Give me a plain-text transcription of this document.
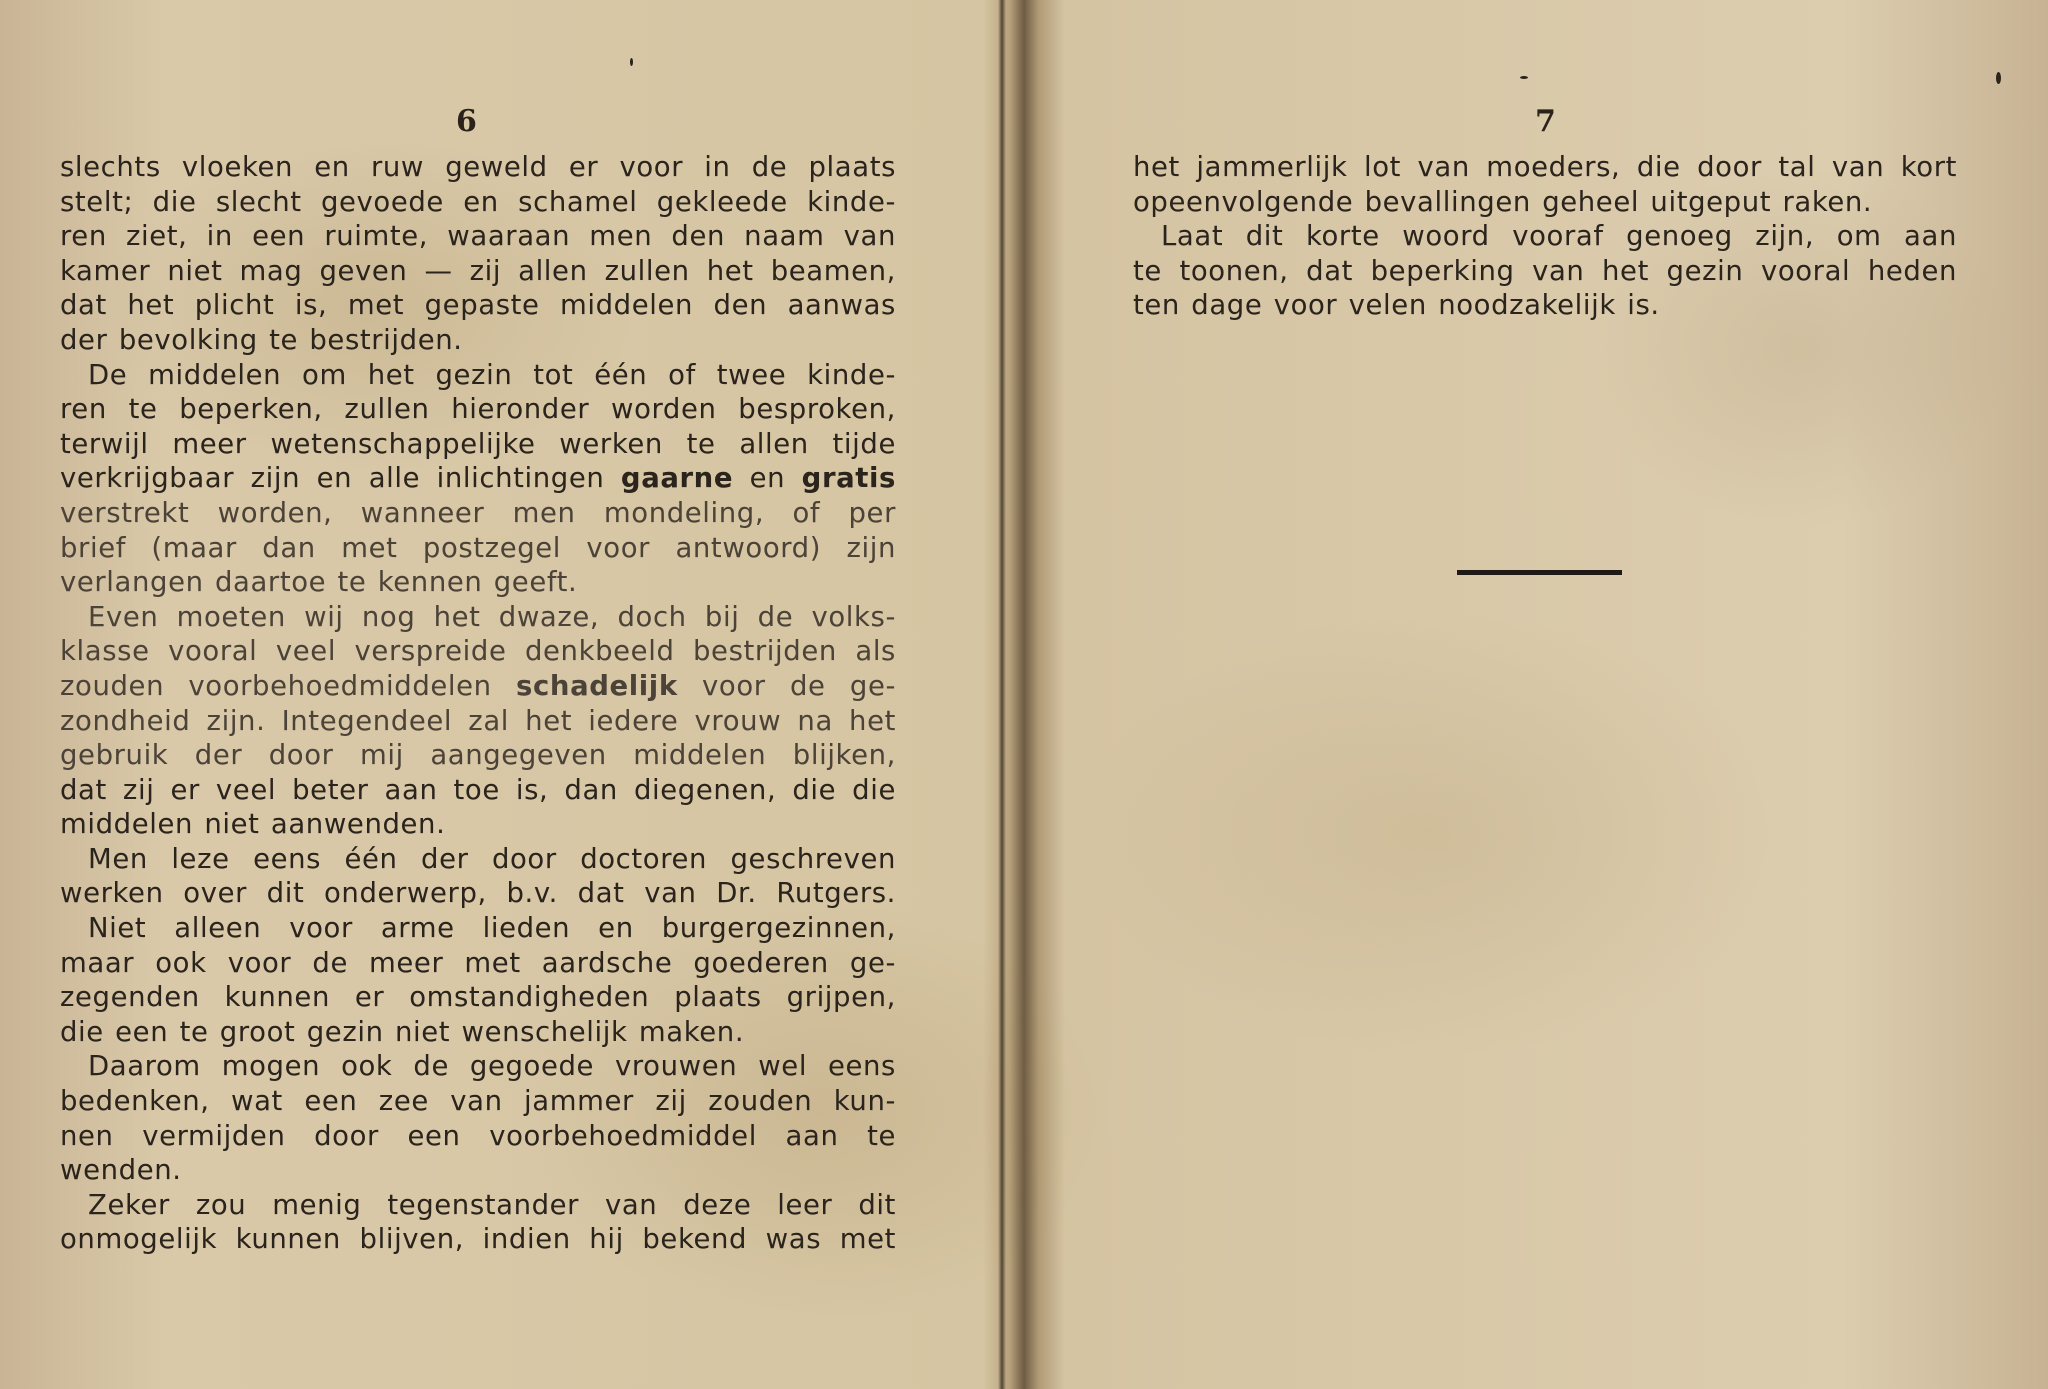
6
slechts vloeken en ruw geweld er voor in de plaats
stelt; die slecht gevoede en schamel gekleede kinde-
ren ziet, in een ruimte, waaraan men den naam van
kamer niet mag geven — zij allen zullen het beamen,
dat het plicht is, met gepaste middelen den aanwas
der bevolking te bestrijden.
De middelen om het gezin tot één of twee kinde-
ren te beperken, zullen hieronder worden besproken,
terwijl meer wetenschappelijke werken te allen tijde
verkrijgbaar zijn en alle inlichtingen gaarne en gratis
verstrekt worden, wanneer men mondeling, of per
brief (maar dan met postzegel voor antwoord) zijn
verlangen daartoe te kennen geeft.
Even moeten wij nog het dwaze, doch bij de volks-
klasse vooral veel verspreide denkbeeld bestrijden als
zouden voorbehoedmiddelen schadelijk voor de ge-
zondheid zijn. Integendeel zal het iedere vrouw na het
gebruik der door mij aangegeven middelen blijken,
dat zij er veel beter aan toe is, dan diegenen, die die
middelen niet aanwenden.
Men leze eens één der door doctoren geschreven
werken over dit onderwerp, b.v. dat van Dr. Rutgers.
Niet alleen voor arme lieden en burgergezinnen,
maar ook voor de meer met aardsche goederen ge-
zegenden kunnen er omstandigheden plaats grijpen,
die een te groot gezin niet wenschelijk maken.
Daarom mogen ook de gegoede vrouwen wel eens
bedenken, wat een zee van jammer zij zouden kun-
nen vermijden door een voorbehoedmiddel aan te
wenden.
Zeker zou menig tegenstander van deze leer dit
onmogelijk kunnen blijven, indien hij bekend was met
7
het jammerlijk lot van moeders, die door tal van kort
opeenvolgende bevallingen geheel uitgeput raken.
Laat dit korte woord vooraf genoeg zijn, om aan
te toonen, dat beperking van het gezin vooral heden
ten dage voor velen noodzakelijk is.
